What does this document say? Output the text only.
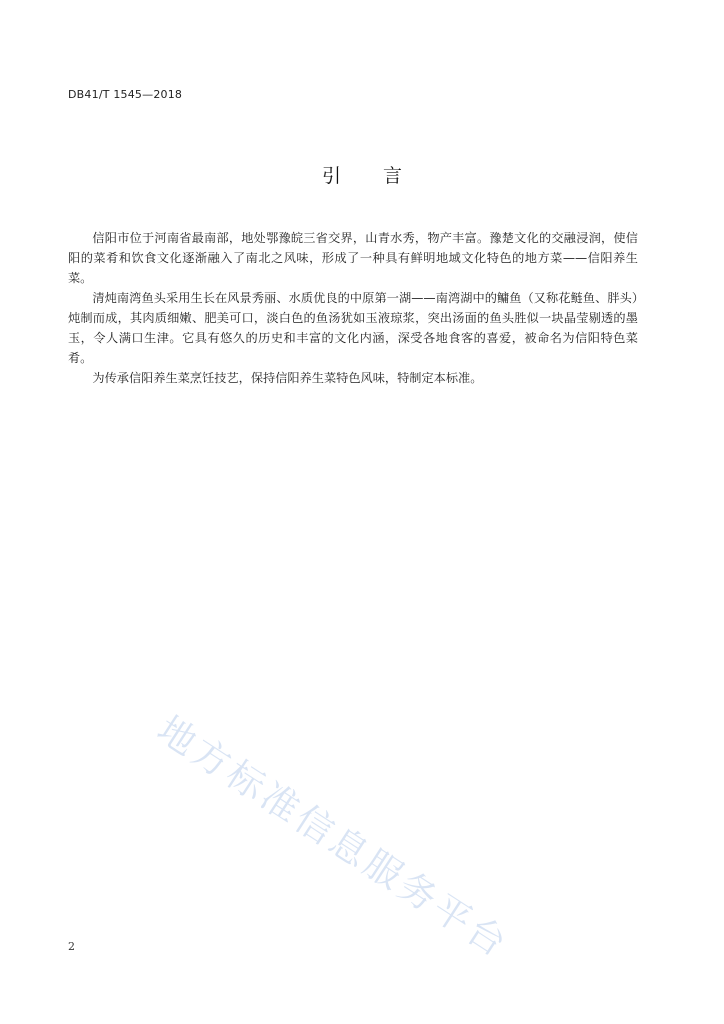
DB41/T 1545—2018
引 言

信阳市位于河南省最南部，地处鄂豫皖三省交界，山青水秀，物产丰富。豫楚文化的交融浸润，使信阳的菜肴和饮食文化逐渐融入了南北之风味，形成了一种具有鲜明地域文化特色的地方菜——信阳养生菜。

清炖南湾鱼头采用生长在风景秀丽、水质优良的中原第一湖——南湾湖中的鳙鱼（又称花鲢鱼、胖头）炖制而成，其肉质细嫩、肥美可口，淡白色的鱼汤犹如玉液琼浆，突出汤面的鱼头胜似一块晶莹剔透的墨玉，令人满口生津。它具有悠久的历史和丰富的文化内涵，深受各地食客的喜爱，被命名为信阳特色菜肴。

为传承信阳养生菜烹饪技艺，保持信阳养生菜特色风味，特制定本标准。

地方标准信息服务平台
2
